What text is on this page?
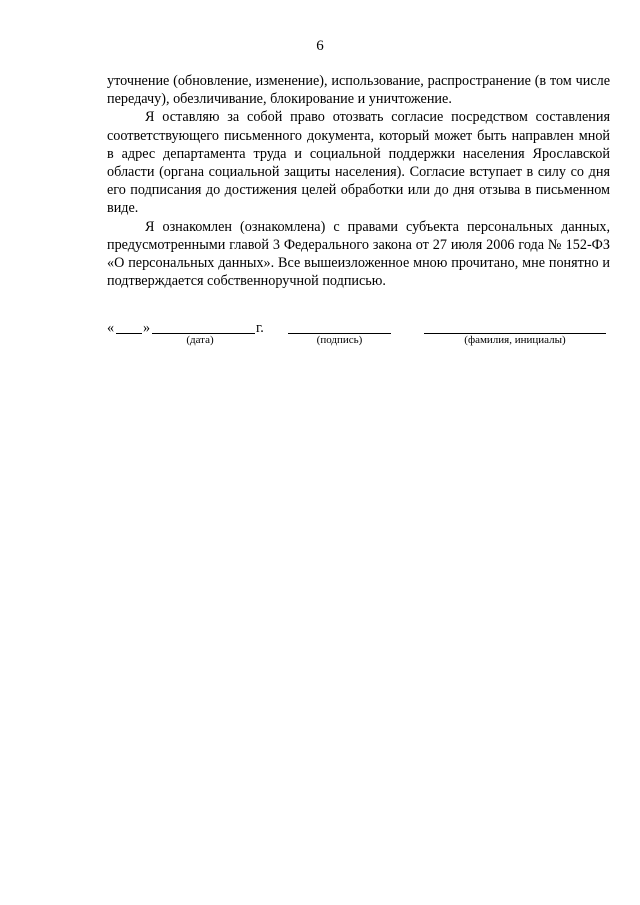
6

уточнение (обновление, изменение), использование, распространение (в том числе передачу), обезличивание, блокирование и уничтожение.

Я оставляю за собой право отозвать согласие посредством составления соответствующего письменного документа, который может быть направлен мной в адрес департамента труда и социальной поддержки населения Ярославской области (органа социальной защиты населения). Согласие вступает в силу со дня его подписания до достижения целей обработки или до дня отзыва в письменном виде.

Я ознакомлен (ознакомлена) с правами субъекта персональных данных, предусмотренными главой 3 Федерального закона от 27 июля 2006 года № 152-ФЗ «О персональных данных». Все вышеизложенное мною прочитано, мне понятно и подтверждается собственноручной подписью.

« »	г.
(дата)	(подпись)	(фамилия, инициалы)
